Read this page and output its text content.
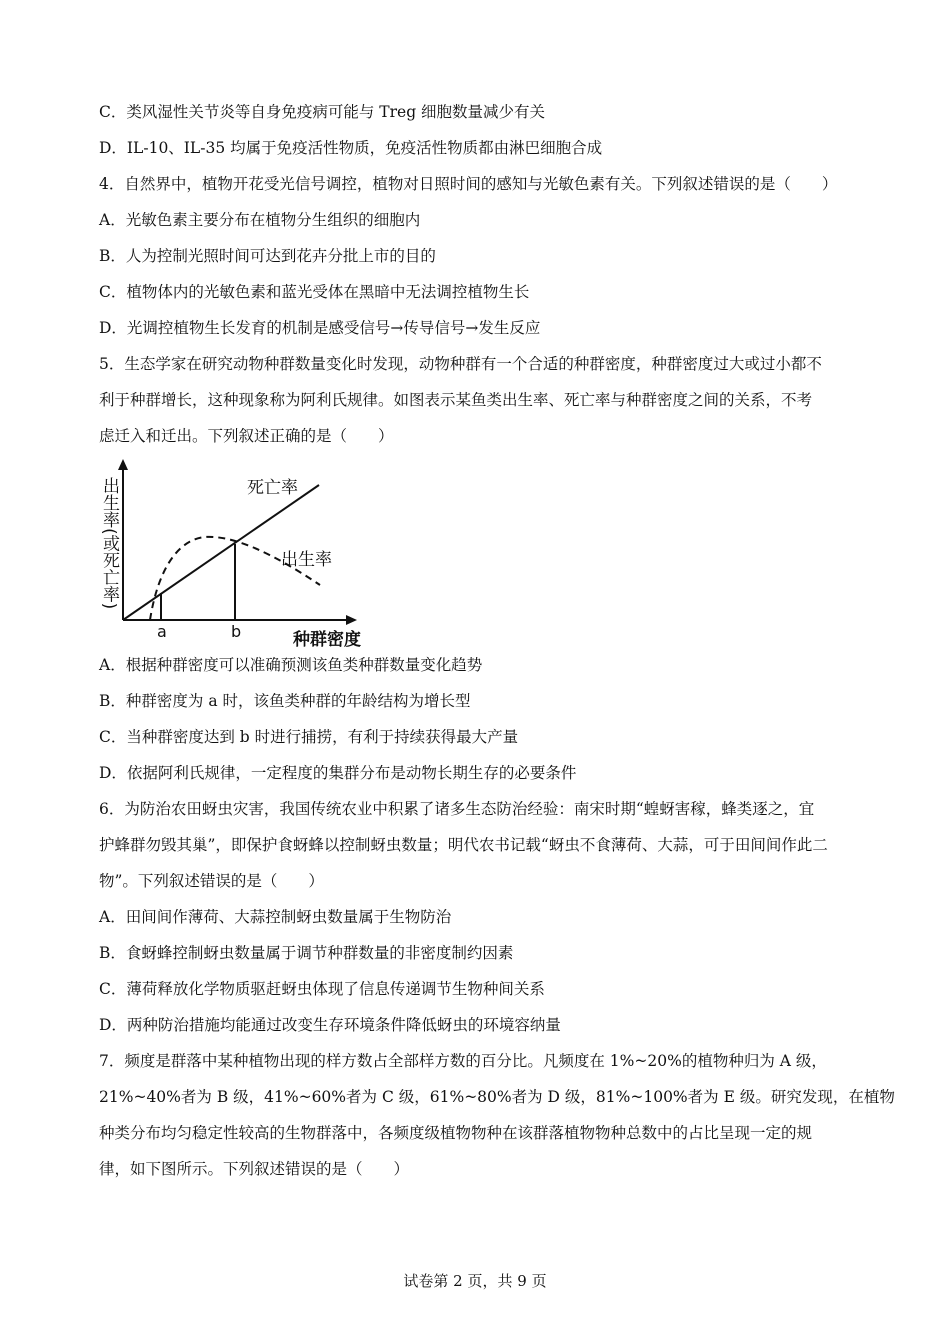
C．类风湿性关节炎等自身免疫病可能与 Treg 细胞数量减少有关
D．IL-10、IL-35 均属于免疫活性物质，免疫活性物质都由淋巴细胞合成
4．自然界中，植物开花受光信号调控，植物对日照时间的感知与光敏色素有关。下列叙述错误的是（　　）
A．光敏色素主要分布在植物分生组织的细胞内
B．人为控制光照时间可达到花卉分批上市的目的
C．植物体内的光敏色素和蓝光受体在黑暗中无法调控植物生长
D．光调控植物生长发育的机制是感受信号→传导信号→发生反应
5．生态学家在研究动物种群数量变化时发现，动物种群有一个合适的种群密度，种群密度过大或过小都不
利于种群增长，这种现象称为阿利氏规律。如图表示某鱼类出生率、死亡率与种群密度之间的关系，不考
虑迁入和迁出。下列叙述正确的是（　　）
A．根据种群密度可以准确预测该鱼类种群数量变化趋势
B．种群密度为 a 时，该鱼类种群的年龄结构为增长型
C．当种群密度达到 b 时进行捕捞，有利于持续获得最大产量
D．依据阿利氏规律，一定程度的集群分布是动物长期生存的必要条件
6．为防治农田蚜虫灾害，我国传统农业中积累了诸多生态防治经验：南宋时期“蝗蚜害稼，蜂类逐之，宜
护蜂群勿毁其巢”，即保护食蚜蜂以控制蚜虫数量；明代农书记载“蚜虫不食薄荷、大蒜，可于田间间作此二
物”。下列叙述错误的是（　　）
A．田间间作薄荷、大蒜控制蚜虫数量属于生物防治
B．食蚜蜂控制蚜虫数量属于调节种群数量的非密度制约因素
C．薄荷释放化学物质驱赶蚜虫体现了信息传递调节生物种间关系
D．两种防治措施均能通过改变生存环境条件降低蚜虫的环境容纳量
7．频度是群落中某种植物出现的样方数占全部样方数的百分比。凡频度在 1%~20%的植物种归为 A 级，
21%~40%者为 B 级，41%~60%者为 C 级，61%~80%者为 D 级，81%~100%者为 E 级。研究发现，在植物
种类分布均匀稳定性较高的生物群落中，各频度级植物物种在该群落植物物种总数中的占比呈现一定的规
律，如下图所示。下列叙述错误的是（　　）
出生率(或死亡率)
种群密度
死亡率
出生率
a	b
试卷第 2 页，共 9 页
